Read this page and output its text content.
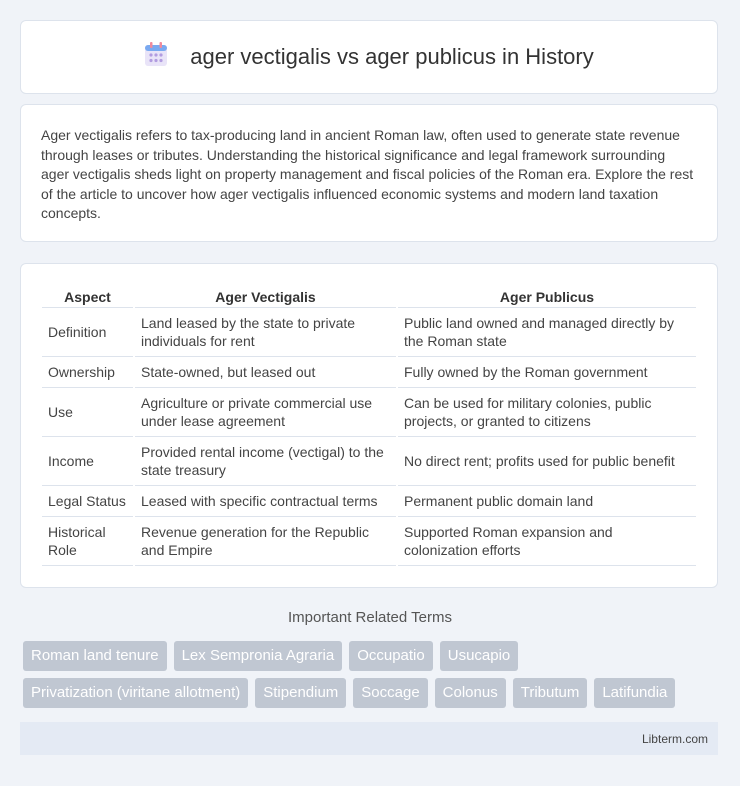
ager vectigalis vs ager publicus in History

Ager vectigalis refers to tax-producing land in ancient Roman law, often used to generate state revenue through leases or tributes. Understanding the historical significance and legal framework surrounding ager vectigalis sheds light on property management and fiscal policies of the Roman era. Explore the rest of the article to uncover how ager vectigalis influenced economic systems and modern land taxation concepts.

Aspect	Ager Vectigalis	Ager Publicus
Definition	Land leased by the state to private individuals for rent	Public land owned and managed directly by the Roman state
Ownership	State-owned, but leased out	Fully owned by the Roman government
Use	Agriculture or private commercial use under lease agreement	Can be used for military colonies, public projects, or granted to citizens
Income	Provided rental income (vectigal) to the state treasury	No direct rent; profits used for public benefit
Legal Status	Leased with specific contractual terms	Permanent public domain land
Historical Role	Revenue generation for the Republic and Empire	Supported Roman expansion and colonization efforts
Important Related Terms
Roman land tenure	Lex Sempronia Agraria	Occupatio	Usucapio
Privatization (viritane allotment)	Stipendium	Soccage	Colonus	Tributum	Latifundia
Libterm.com
